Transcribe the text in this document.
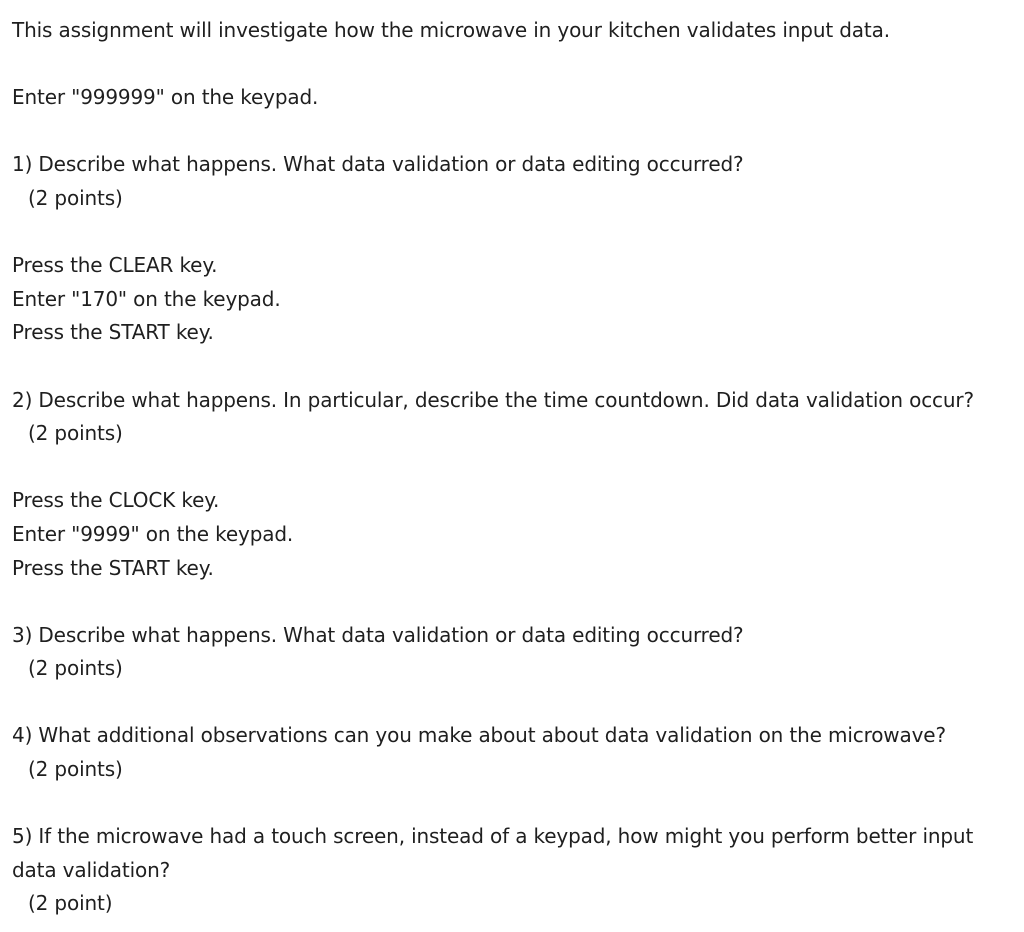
This assignment will investigate how the microwave in your kitchen validates input data.

Enter "999999" on the keypad.

1) Describe what happens. What data validation or data editing occurred?

(2 points)

Press the CLEAR key.

Enter "170" on the keypad.

Press the START key.

2) Describe what happens. In particular, describe the time countdown. Did data validation occur?

(2 points)

Press the CLOCK key.

Enter "9999" on the keypad.

Press the START key.

3) Describe what happens. What data validation or data editing occurred?

(2 points)

4) What additional observations can you make about about data validation on the microwave?

(2 points)

5) If the microwave had a touch screen, instead of a keypad, how might you perform better input data validation?

(2 point)
